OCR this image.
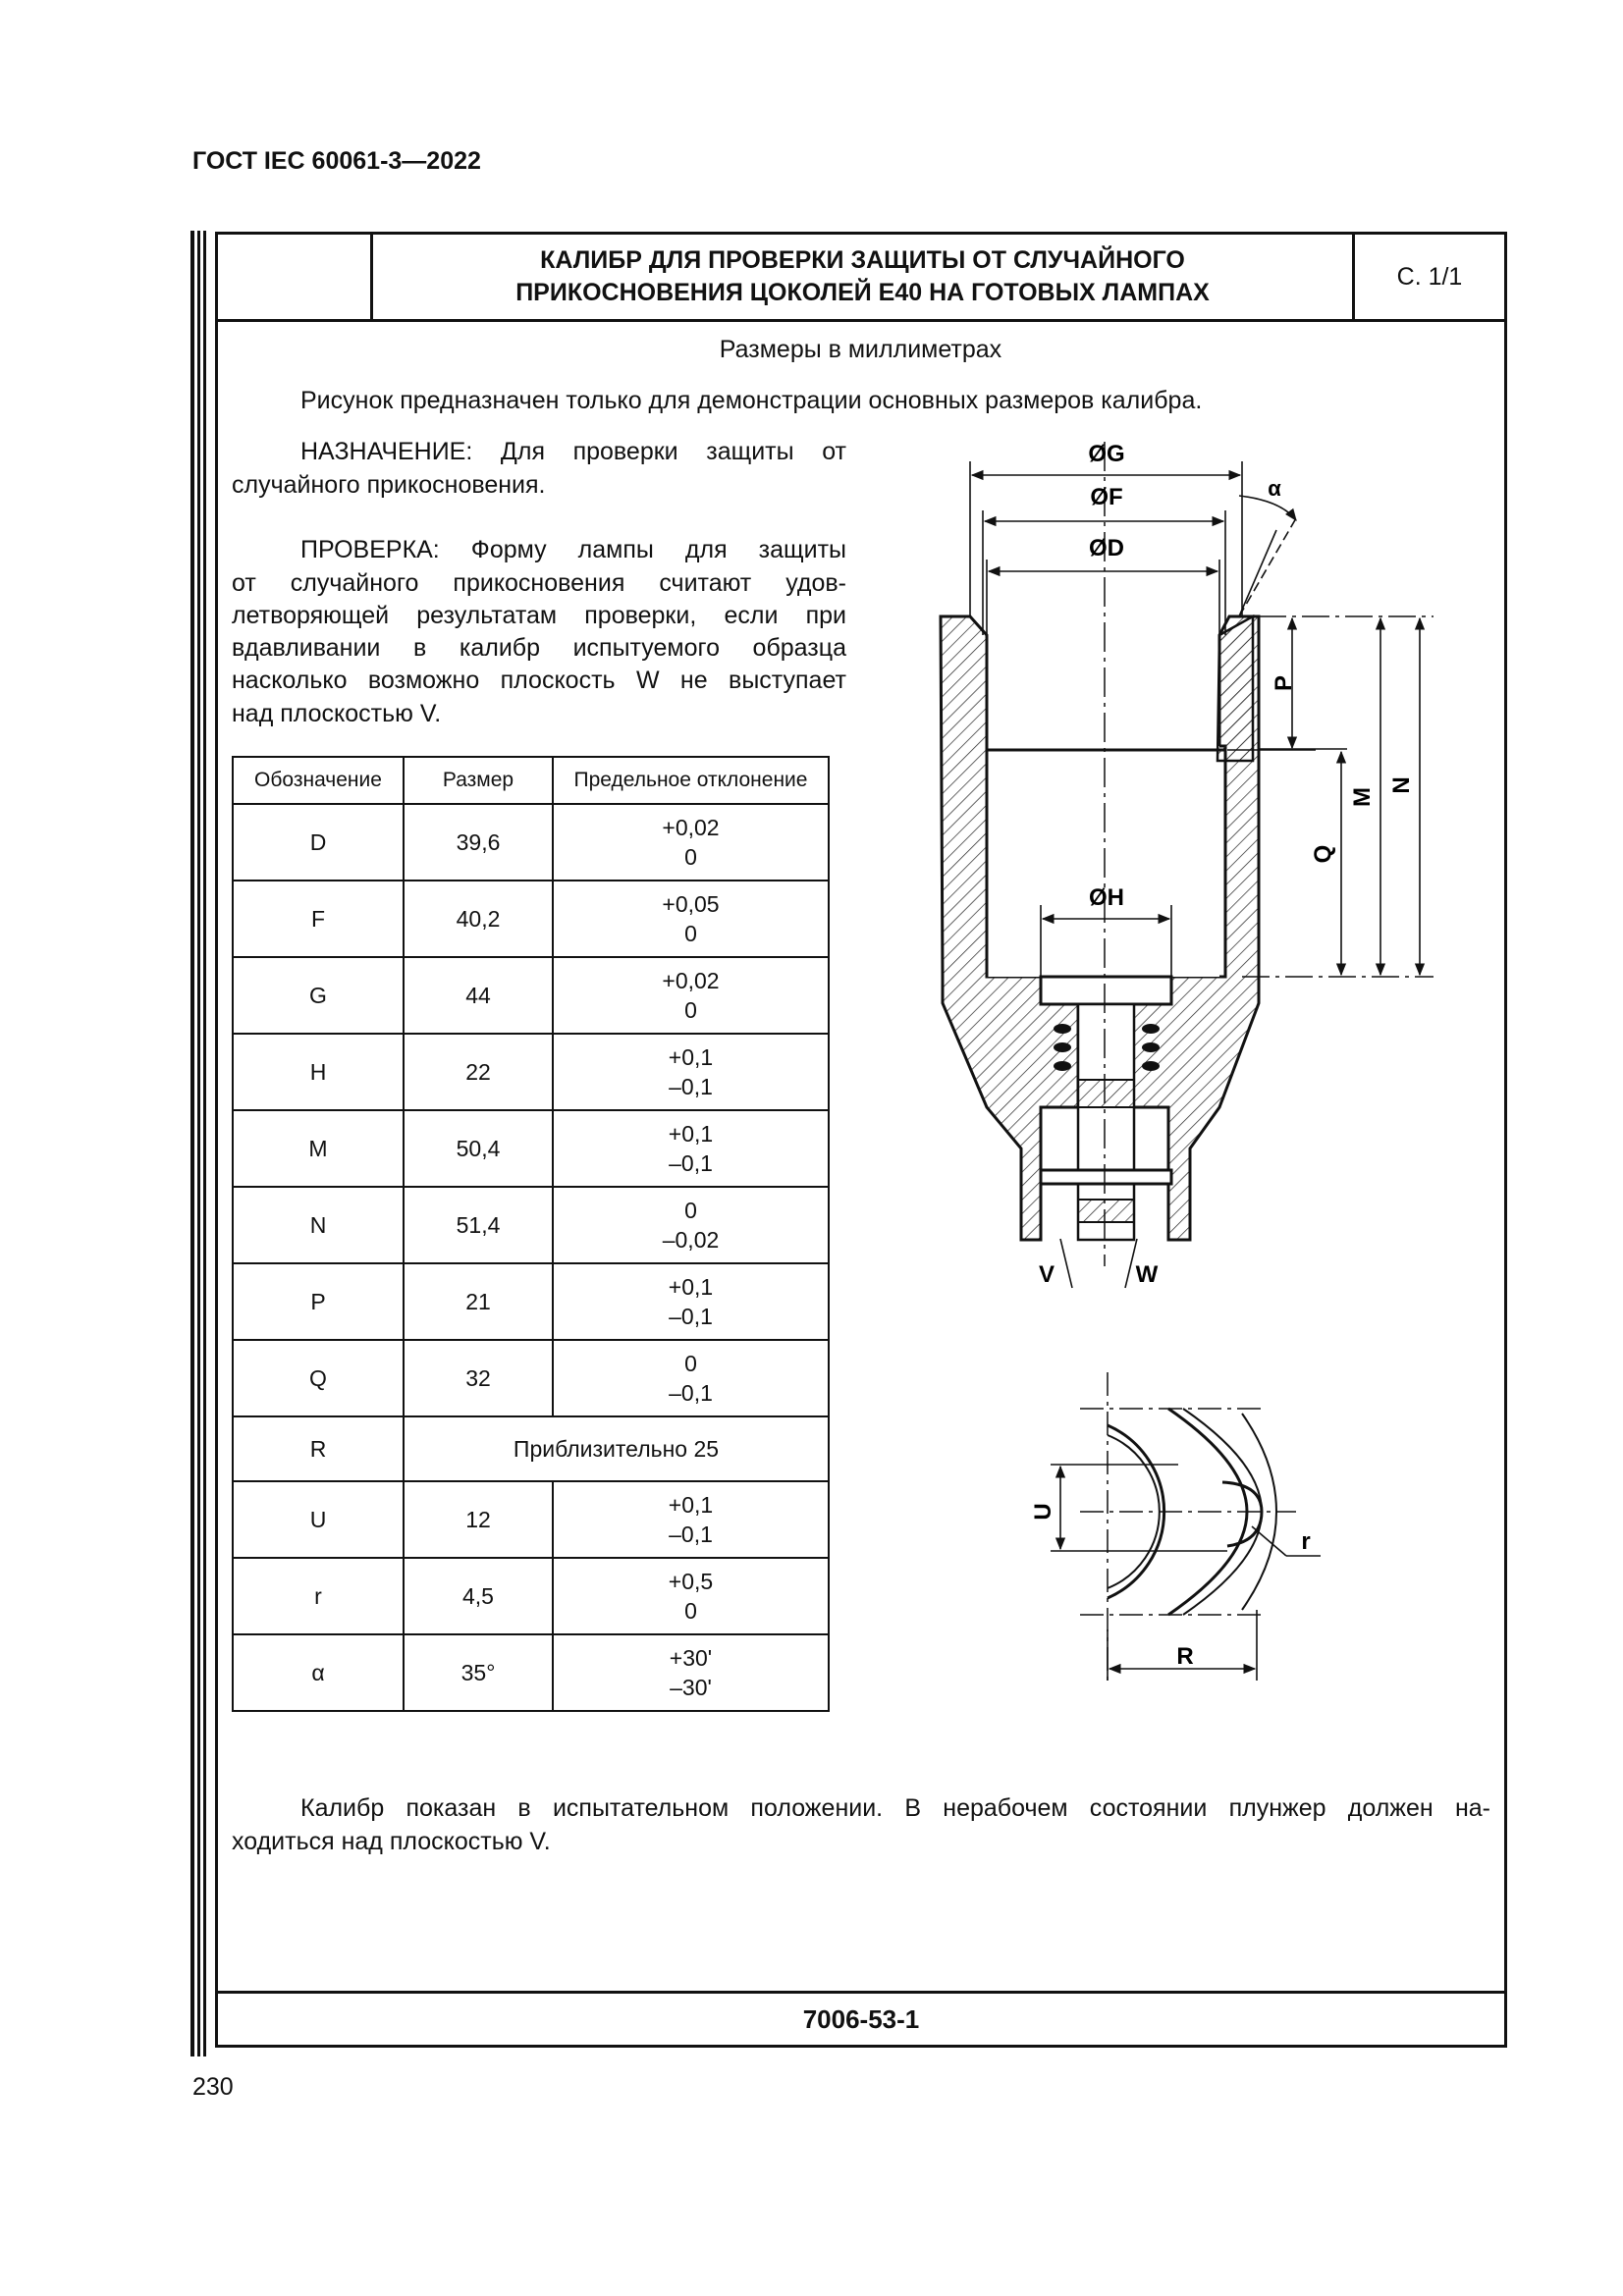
ГОСТ IEC 60061-3—2022
КАЛИБР ДЛЯ ПРОВЕРКИ ЗАЩИТЫ ОТ СЛУЧАЙНОГО
ПРИКОСНОВЕНИЯ ЦОКОЛЕЙ Е40 НА ГОТОВЫХ ЛАМПАХ
С. 1/1
7006-53-1
Размеры в миллиметрах
Рисунок предназначен только для демонстрации основных размеров калибра.
НАЗНАЧЕНИЕ: Для проверки защиты от
случайного прикосновения.
ПРОВЕРКА: Форму лампы для защиты
от случайного прикосновения считают удов-
летворяющей результатам проверки, если при
вдавливании в калибр испытуемого образца
насколько возможно плоскость W не выступает
над плоскостью V.
Обозначение	Размер	Предельное отклонение
D	39,6	+0,02
0

F	40,2	+0,05
0

G	44	+0,02
0

H	22	+0,1
–0,1

M	50,4	+0,1
–0,1

N	51,4	0
–0,02

P	21	+0,1
–0,1

Q	32	0
–0,1

R	Приблизительно 25	
U	12	+0,1
–0,1

r	4,5	+0,5
0

α	35°	+30'
–30'
Калибр показан в испытательном положении. В нерабочем состоянии плунжер должен на-
ходиться над плоскостью V.
230
ØG
ØF
ØD
ØH
α
P
M
N
Q
V	W
U
r
R
